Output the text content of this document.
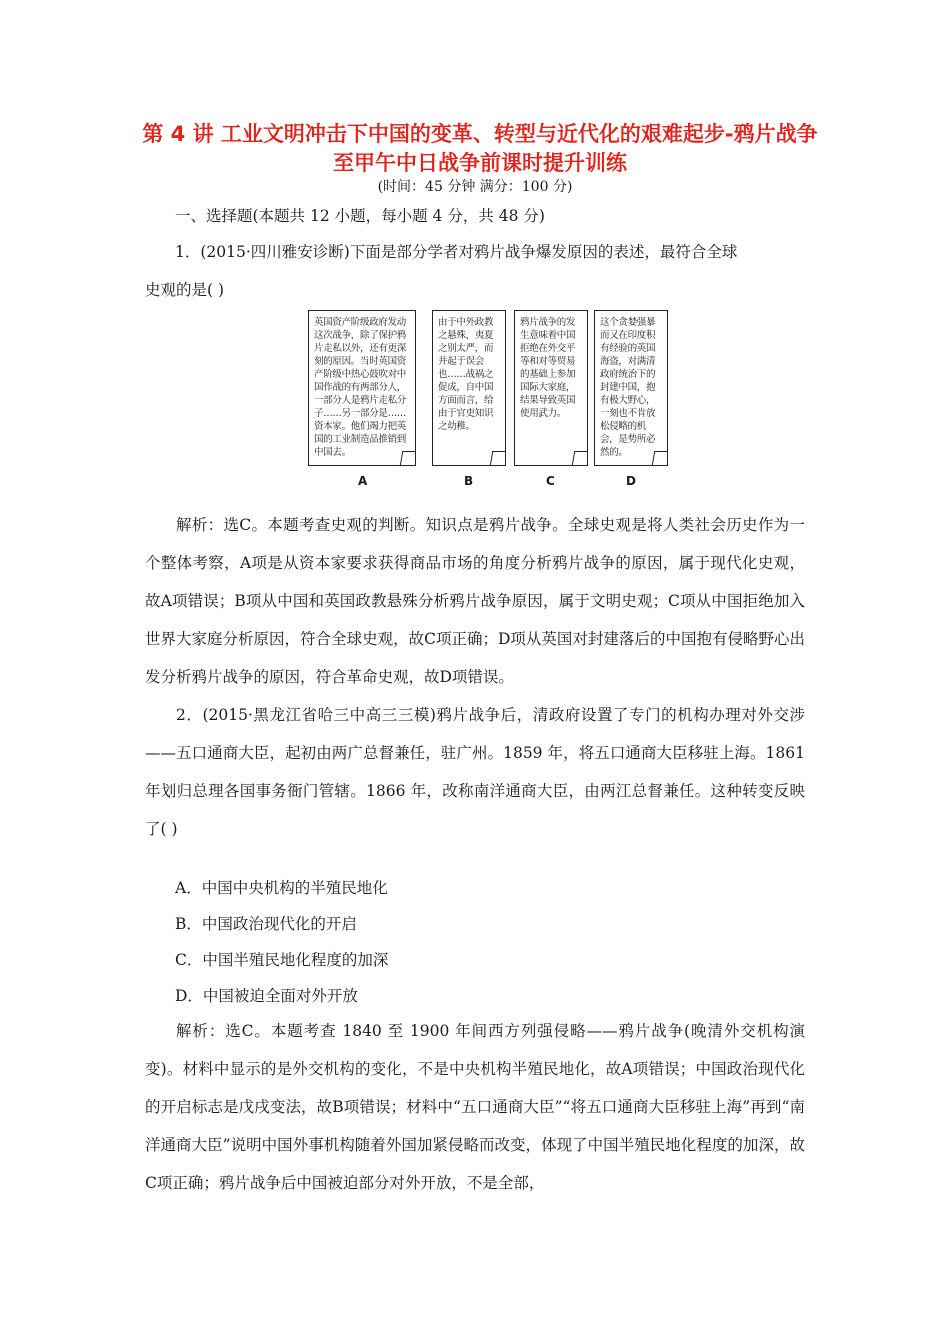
第 4 讲 工业文明冲击下中国的变革、转型与近代化的艰难起步-鸦片战争至甲午中日战争前课时提升训练
(时间：45 分钟 满分：100 分)
一、选择题(本题共 12 小题，每小题 4 分，共 48 分)
1．(2015·四川雅安诊断)下面是部分学者对鸦片战争爆发原因的表述，最符合全球
史观的是( )
英国资产阶级政府发动这次战争，除了保护鸦片走私以外，还有更深刻的原因。当时英国资产阶级中热心鼓吹对中国作战的有两部分人，一部分人是鸦片走私分子……另一部分是……资本家。他们竭力把英国的工业制造品推销到中国去。
由于中外政教之悬殊，夷夏之别太严，而并起于误会也……战祸之促成，自中国方面而言，给由于官吏知识之幼稚。
鸦片战争的发生意味着中国拒绝在外交平等和对等贸易的基础上参加国际大家庭，结果导致英国使用武力。
这个贪婪强暴而又在印度积有经验的英国海盗，对满清政府统治下的封建中国，抱有极大野心，一刻也不肯放松侵略的机会，是势所必然的。
A	B	C	D
解析：选C。本题考查史观的判断。知识点是鸦片战争。全球史观是将人类社会历史作为一个整体考察，A项是从资本家要求获得商品市场的角度分析鸦片战争的原因，属于现代化史观，故A项错误；B项从中国和英国政教悬殊分析鸦片战争原因，属于文明史观；C项从中国拒绝加入世界大家庭分析原因，符合全球史观，故C项正确；D项从英国对封建落后的中国抱有侵略野心出发分析鸦片战争的原因，符合革命史观，故D项错误。
2．(2015·黑龙江省哈三中高三三模)鸦片战争后，清政府设置了专门的机构办理对外交涉——五口通商大臣，起初由两广总督兼任，驻广州。1859 年，将五口通商大臣移驻上海。1861 年划归总理各国事务衙门管辖。1866 年，改称南洋通商大臣，由两江总督兼任。这种转变反映了( )
A．中国中央机构的半殖民地化
B．中国政治现代化的开启
C．中国半殖民地化程度的加深
D．中国被迫全面对外开放
解析：选C。本题考查 1840 至 1900 年间西方列强侵略——鸦片战争(晚清外交机构演变)。材料中显示的是外交机构的变化，不是中央机构半殖民地化，故A项错误；中国政治现代化的开启标志是戊戌变法，故B项错误；材料中“五口通商大臣”“将五口通商大臣移驻上海”再到“南洋通商大臣”说明中国外事机构随着外国加紧侵略而改变，体现了中国半殖民地化程度的加深，故C项正确；鸦片战争后中国被迫部分对外开放，不是全部，
